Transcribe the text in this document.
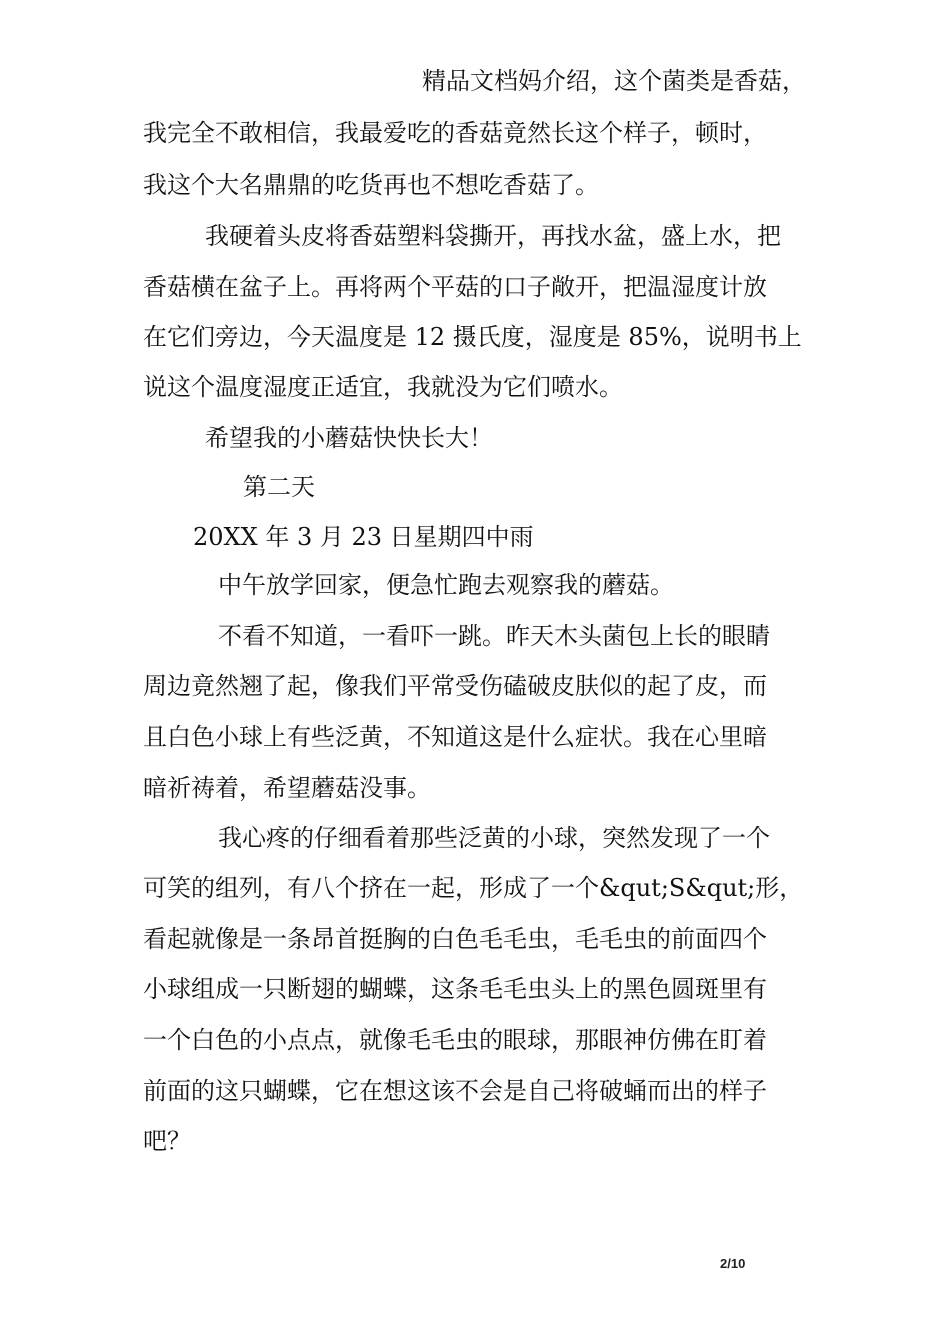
精品文档妈介绍，这个菌类是香菇，
我完全不敢相信，我最爱吃的香菇竟然长这个样子，顿时，
我这个大名鼎鼎的吃货再也不想吃香菇了。
我硬着头皮将香菇塑料袋撕开，再找水盆，盛上水，把
香菇横在盆子上。再将两个平菇的口子敞开，把温湿度计放
在它们旁边，今天温度是 12 摄氏度，湿度是 85%，说明书上
说这个温度湿度正适宜，我就没为它们喷水。
希望我的小蘑菇快快长大！
第二天
20XX 年 3 月 23 日星期四中雨
中午放学回家，便急忙跑去观察我的蘑菇。
不看不知道，一看吓一跳。昨天木头菌包上长的眼睛
周边竟然翘了起，像我们平常受伤磕破皮肤似的起了皮，而
且白色小球上有些泛黄，不知道这是什么症状。我在心里暗
暗祈祷着，希望蘑菇没事。
我心疼的仔细看着那些泛黄的小球，突然发现了一个
可笑的组列，有八个挤在一起，形成了一个&qut;S&qut;形，
看起就像是一条昂首挺胸的白色毛毛虫，毛毛虫的前面四个
小球组成一只断翅的蝴蝶，这条毛毛虫头上的黑色圆斑里有
一个白色的小点点，就像毛毛虫的眼球，那眼神仿佛在盯着
前面的这只蝴蝶，它在想这该不会是自己将破蛹而出的样子
吧？
2/10
